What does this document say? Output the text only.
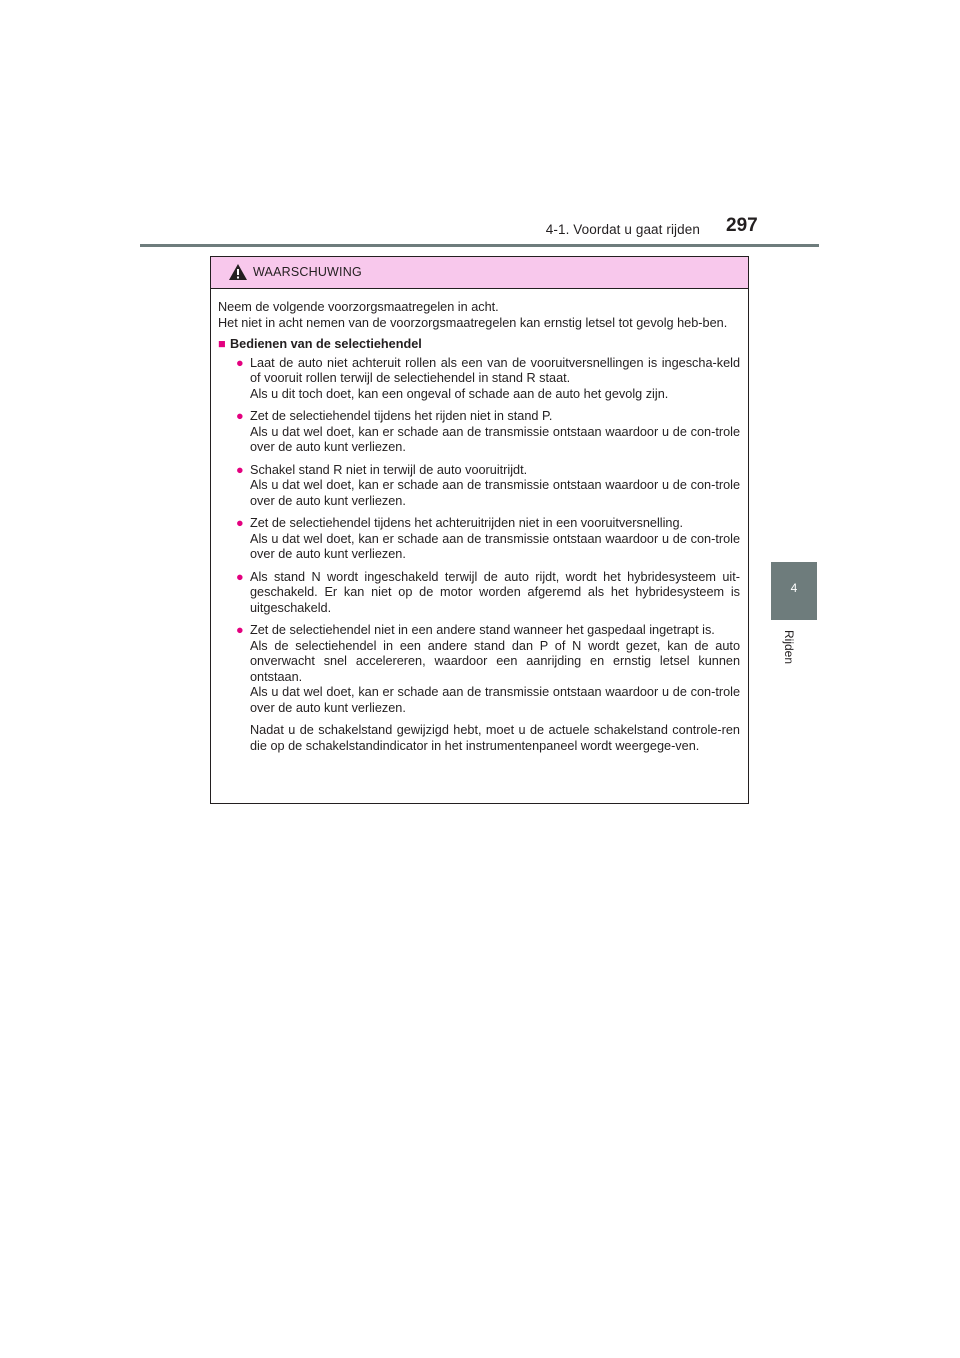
4-1. Voordat u gaat rijden 297
4
Rijden
WAARSCHUWING

Neem de volgende voorzorgsmaatregelen in acht.

Het niet in acht nemen van de voorzorgsmaatregelen kan ernstig letsel tot gevolg heb-ben.

■ Bedienen van de selectiehendel
● Laat de auto niet achteruit rollen als een van de vooruitversnellingen is ingescha-keld of vooruit rollen terwijl de selectiehendel in stand R staat.
Als u dit toch doet, kan een ongeval of schade aan de auto het gevolg zijn.
● Zet de selectiehendel tijdens het rijden niet in stand P.
Als u dat wel doet, kan er schade aan de transmissie ontstaan waardoor u de con-trole over de auto kunt verliezen.
● Schakel stand R niet in terwijl de auto vooruitrijdt.
Als u dat wel doet, kan er schade aan de transmissie ontstaan waardoor u de con-trole over de auto kunt verliezen.
● Zet de selectiehendel tijdens het achteruitrijden niet in een vooruitversnelling.
Als u dat wel doet, kan er schade aan de transmissie ontstaan waardoor u de con-trole over de auto kunt verliezen.
● Als stand N wordt ingeschakeld terwijl de auto rijdt, wordt het hybridesysteem uit-geschakeld. Er kan niet op de motor worden afgeremd als het hybridesysteem is uitgeschakeld.
● Zet de selectiehendel niet in een andere stand wanneer het gaspedaal ingetrapt is.
Als de selectiehendel in een andere stand dan P of N wordt gezet, kan de auto onverwacht snel accelereren, waardoor een aanrijding en ernstig letsel kunnen ontstaan.
Als u dat wel doet, kan er schade aan de transmissie ontstaan waardoor u de con-trole over de auto kunt verliezen.

Nadat u de schakelstand gewijzigd hebt, moet u de actuele schakelstand controle-ren die op de schakelstandindicator in het instrumentenpaneel wordt weergege-ven.
